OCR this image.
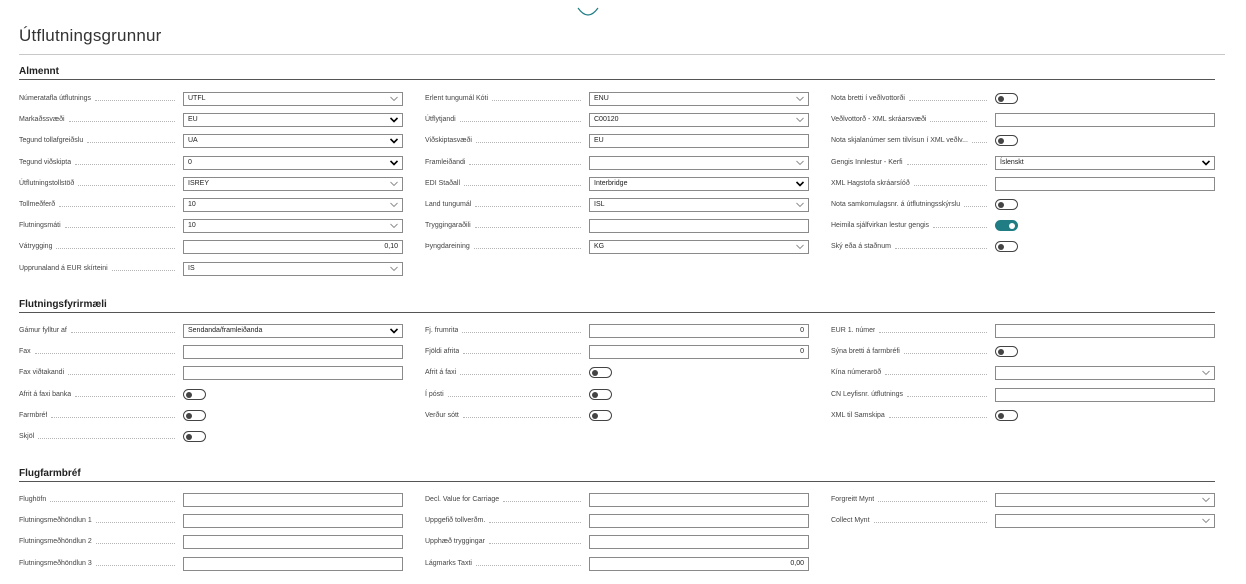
Útflutningsgrunnur
Almennt
Númeratafla útflutnings	UTFL
Markaðssvæði	EU
Tegund tollafgreiðslu	UA
Tegund viðskipta	0
Útflutningstollstöð	ISREY
Tollmeðferð	10
Flutningsmáti	10
Vátrygging	0,10
Upprunaland á EUR skírteini	IS
Erlent tungumál Kóti	ENU
Útflytjandi	C00120
Viðskiptasvæði	EU
Framleiðandi
EDI Staðall	Interbridge
Land tungumál	ISL
Tryggingaraðili
Þyngdareining	KG
Nota bretti í veðlvottorði
Veðlvottorð - XML skráarsvæði
Nota skjalanúmer sem tilvísun í XML veðlv...
Gengis Innlestur - Kerfi	Íslenskt
XML Hagstofa skráarsíóð
Nota samkomulagsnr. á útflutningsskýrslu
Heimila sjálfvirkan lestur gengis
Ský eða á staðnum
Flutningsfyrirmæli
Gámur fylltur af	Sendanda/framleiðanda
Fax
Fax viðtakandi
Afrit á faxi banka
Farmbréf
Skjöl
Fj. frumrita	0
Fjöldi afrita	0
Afrit á faxi
Í pósti
Verður sótt
EUR 1. númer
Sýna bretti á farmbréfi
Kína númeraröð
CN Leyfisnr. útflutnings
XML til Samskipa
Flugfarmbréf
Flughöfn
Flutningsmeðhöndlun 1
Flutningsmeðhöndlun 2
Flutningsmeðhöndlun 3
Decl. Value for Carriage
Uppgefið tollverðm.
Upphæð tryggingar
Lágmarks Taxti	0,00
Forgreitt Mynt
Collect Mynt
